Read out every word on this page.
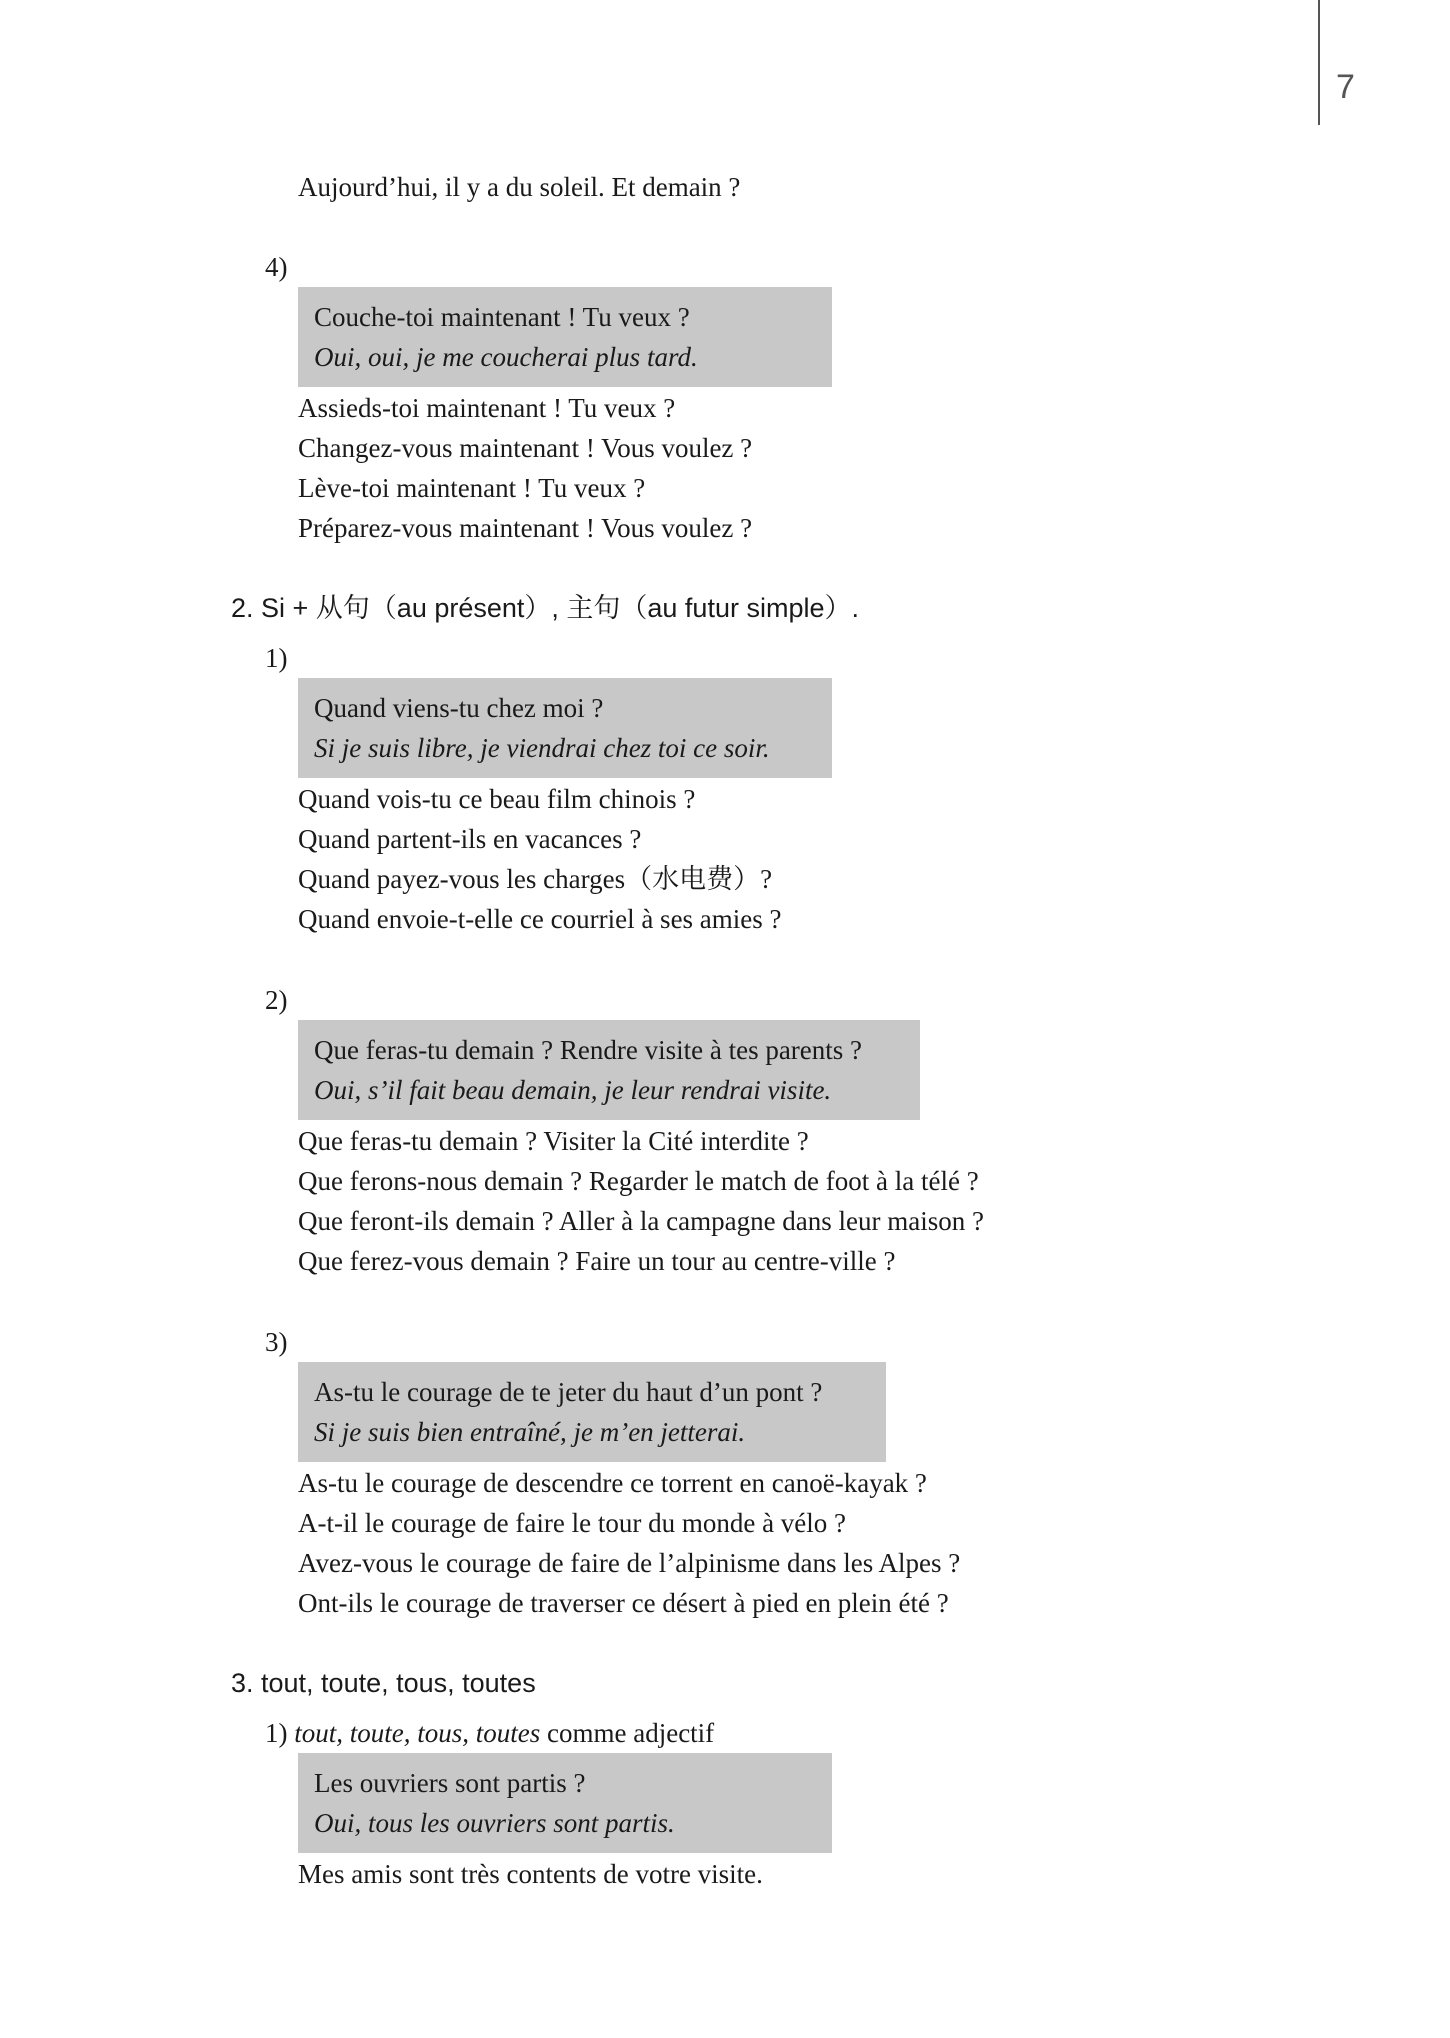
7
Aujourd’hui, il y a du soleil. Et demain ?
4)
Couche-toi maintenant ! Tu veux ?
Oui, oui, je me coucherai plus tard.
Assieds-toi maintenant ! Tu veux ?
Changez-vous maintenant ! Vous voulez ?
Lève-toi maintenant ! Tu veux ?
Préparez-vous maintenant ! Vous voulez ?
2. Si + 从句（au présent）, 主句（au futur simple）.
1)
Quand viens-tu chez moi ?
Si je suis libre, je viendrai chez toi ce soir.
Quand vois-tu ce beau film chinois ?
Quand partent-ils en vacances ?
Quand payez-vous les charges（水电费）?
Quand envoie-t-elle ce courriel à ses amies ?
2)
Que feras-tu demain ? Rendre visite à tes parents ?
Oui, s’il fait beau demain, je leur rendrai visite.
Que feras-tu demain ? Visiter la Cité interdite ?
Que ferons-nous demain ? Regarder le match de foot à la télé ?
Que feront-ils demain ? Aller à la campagne dans leur maison ?
Que ferez-vous demain ? Faire un tour au centre-ville ?
3)
As-tu le courage de te jeter du haut d’un pont ?
Si je suis bien entraîné, je m’en jetterai.
As-tu le courage de descendre ce torrent en canoë-kayak ?
A-t-il le courage de faire le tour du monde à vélo ?
Avez-vous le courage de faire de l’alpinisme dans les Alpes ?
Ont-ils le courage de traverser ce désert à pied en plein été ?
3. tout, toute, tous, toutes
1) tout, toute, tous, toutes comme adjectif
Les ouvriers sont partis ?
Oui, tous les ouvriers sont partis.
Mes amis sont très contents de votre visite.
